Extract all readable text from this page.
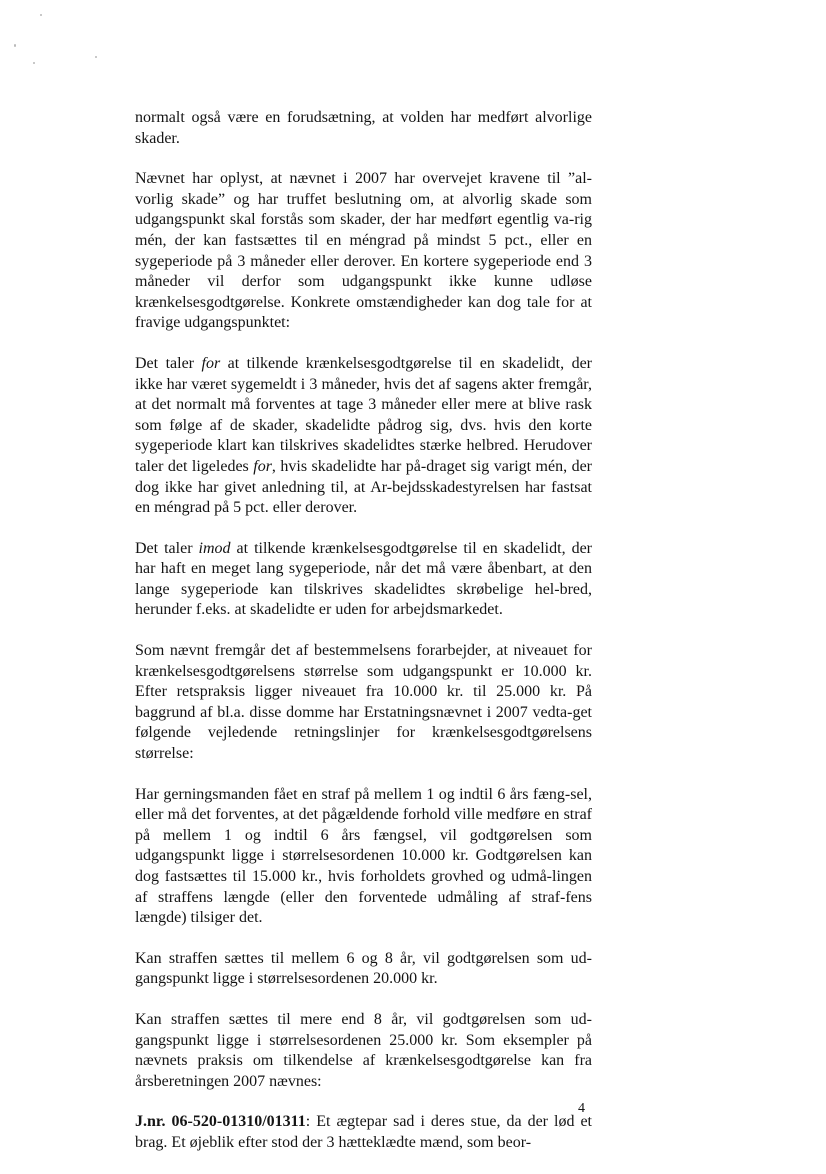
normalt også være en forudsætning, at volden har medført alvorlige skader.

Nævnet har oplyst, at nævnet i 2007 har overvejet kravene til ”al-vorlig skade” og har truffet beslutning om, at alvorlig skade som udgangspunkt skal forstås som skader, der har medført egentlig va-rig mén, der kan fastsættes til en méngrad på mindst 5 pct., eller en sygeperiode på 3 måneder eller derover. En kortere sygeperiode end 3 måneder vil derfor som udgangspunkt ikke kunne udløse krænkelsesgodtgørelse. Konkrete omstændigheder kan dog tale for at fravige udgangspunktet:

Det taler for at tilkende krænkelsesgodtgørelse til en skadelidt, der ikke har været sygemeldt i 3 måneder, hvis det af sagens akter fremgår, at det normalt må forventes at tage 3 måneder eller mere at blive rask som følge af de skader, skadelidte pådrog sig, dvs. hvis den korte sygeperiode klart kan tilskrives skadelidtes stærke helbred. Herudover taler det ligeledes for, hvis skadelidte har på-draget sig varigt mén, der dog ikke har givet anledning til, at Ar-bejdsskadestyrelsen har fastsat en méngrad på 5 pct. eller derover.

Det taler imod at tilkende krænkelsesgodtgørelse til en skadelidt, der har haft en meget lang sygeperiode, når det må være åbenbart, at den lange sygeperiode kan tilskrives skadelidtes skrøbelige hel-bred, herunder f.eks. at skadelidte er uden for arbejdsmarkedet.

Som nævnt fremgår det af bestemmelsens forarbejder, at niveauet for krænkelsesgodtgørelsens størrelse som udgangspunkt er 10.000 kr. Efter retspraksis ligger niveauet fra 10.000 kr. til 25.000 kr. På baggrund af bl.a. disse domme har Erstatningsnævnet i 2007 vedta-get følgende vejledende retningslinjer for krænkelsesgodtgørelsens størrelse:

Har gerningsmanden fået en straf på mellem 1 og indtil 6 års fæng-sel, eller må det forventes, at det pågældende forhold ville medføre en straf på mellem 1 og indtil 6 års fængsel, vil godtgørelsen som udgangspunkt ligge i størrelsesordenen 10.000 kr. Godtgørelsen kan dog fastsættes til 15.000 kr., hvis forholdets grovhed og udmå-lingen af straffens længde (eller den forventede udmåling af straf-fens længde) tilsiger det.

Kan straffen sættes til mellem 6 og 8 år, vil godtgørelsen som ud-gangspunkt ligge i størrelsesordenen 20.000 kr.

Kan straffen sættes til mere end 8 år, vil godtgørelsen som ud-gangspunkt ligge i størrelsesordenen 25.000 kr. Som eksempler på nævnets praksis om tilkendelse af krænkelsesgodtgørelse kan fra årsberetningen 2007 nævnes:

J.nr. 06-520-01310/01311: Et ægtepar sad i deres stue, da der lød et brag. Et øjeblik efter stod der 3 hætteklædte mænd, som beor-

4
